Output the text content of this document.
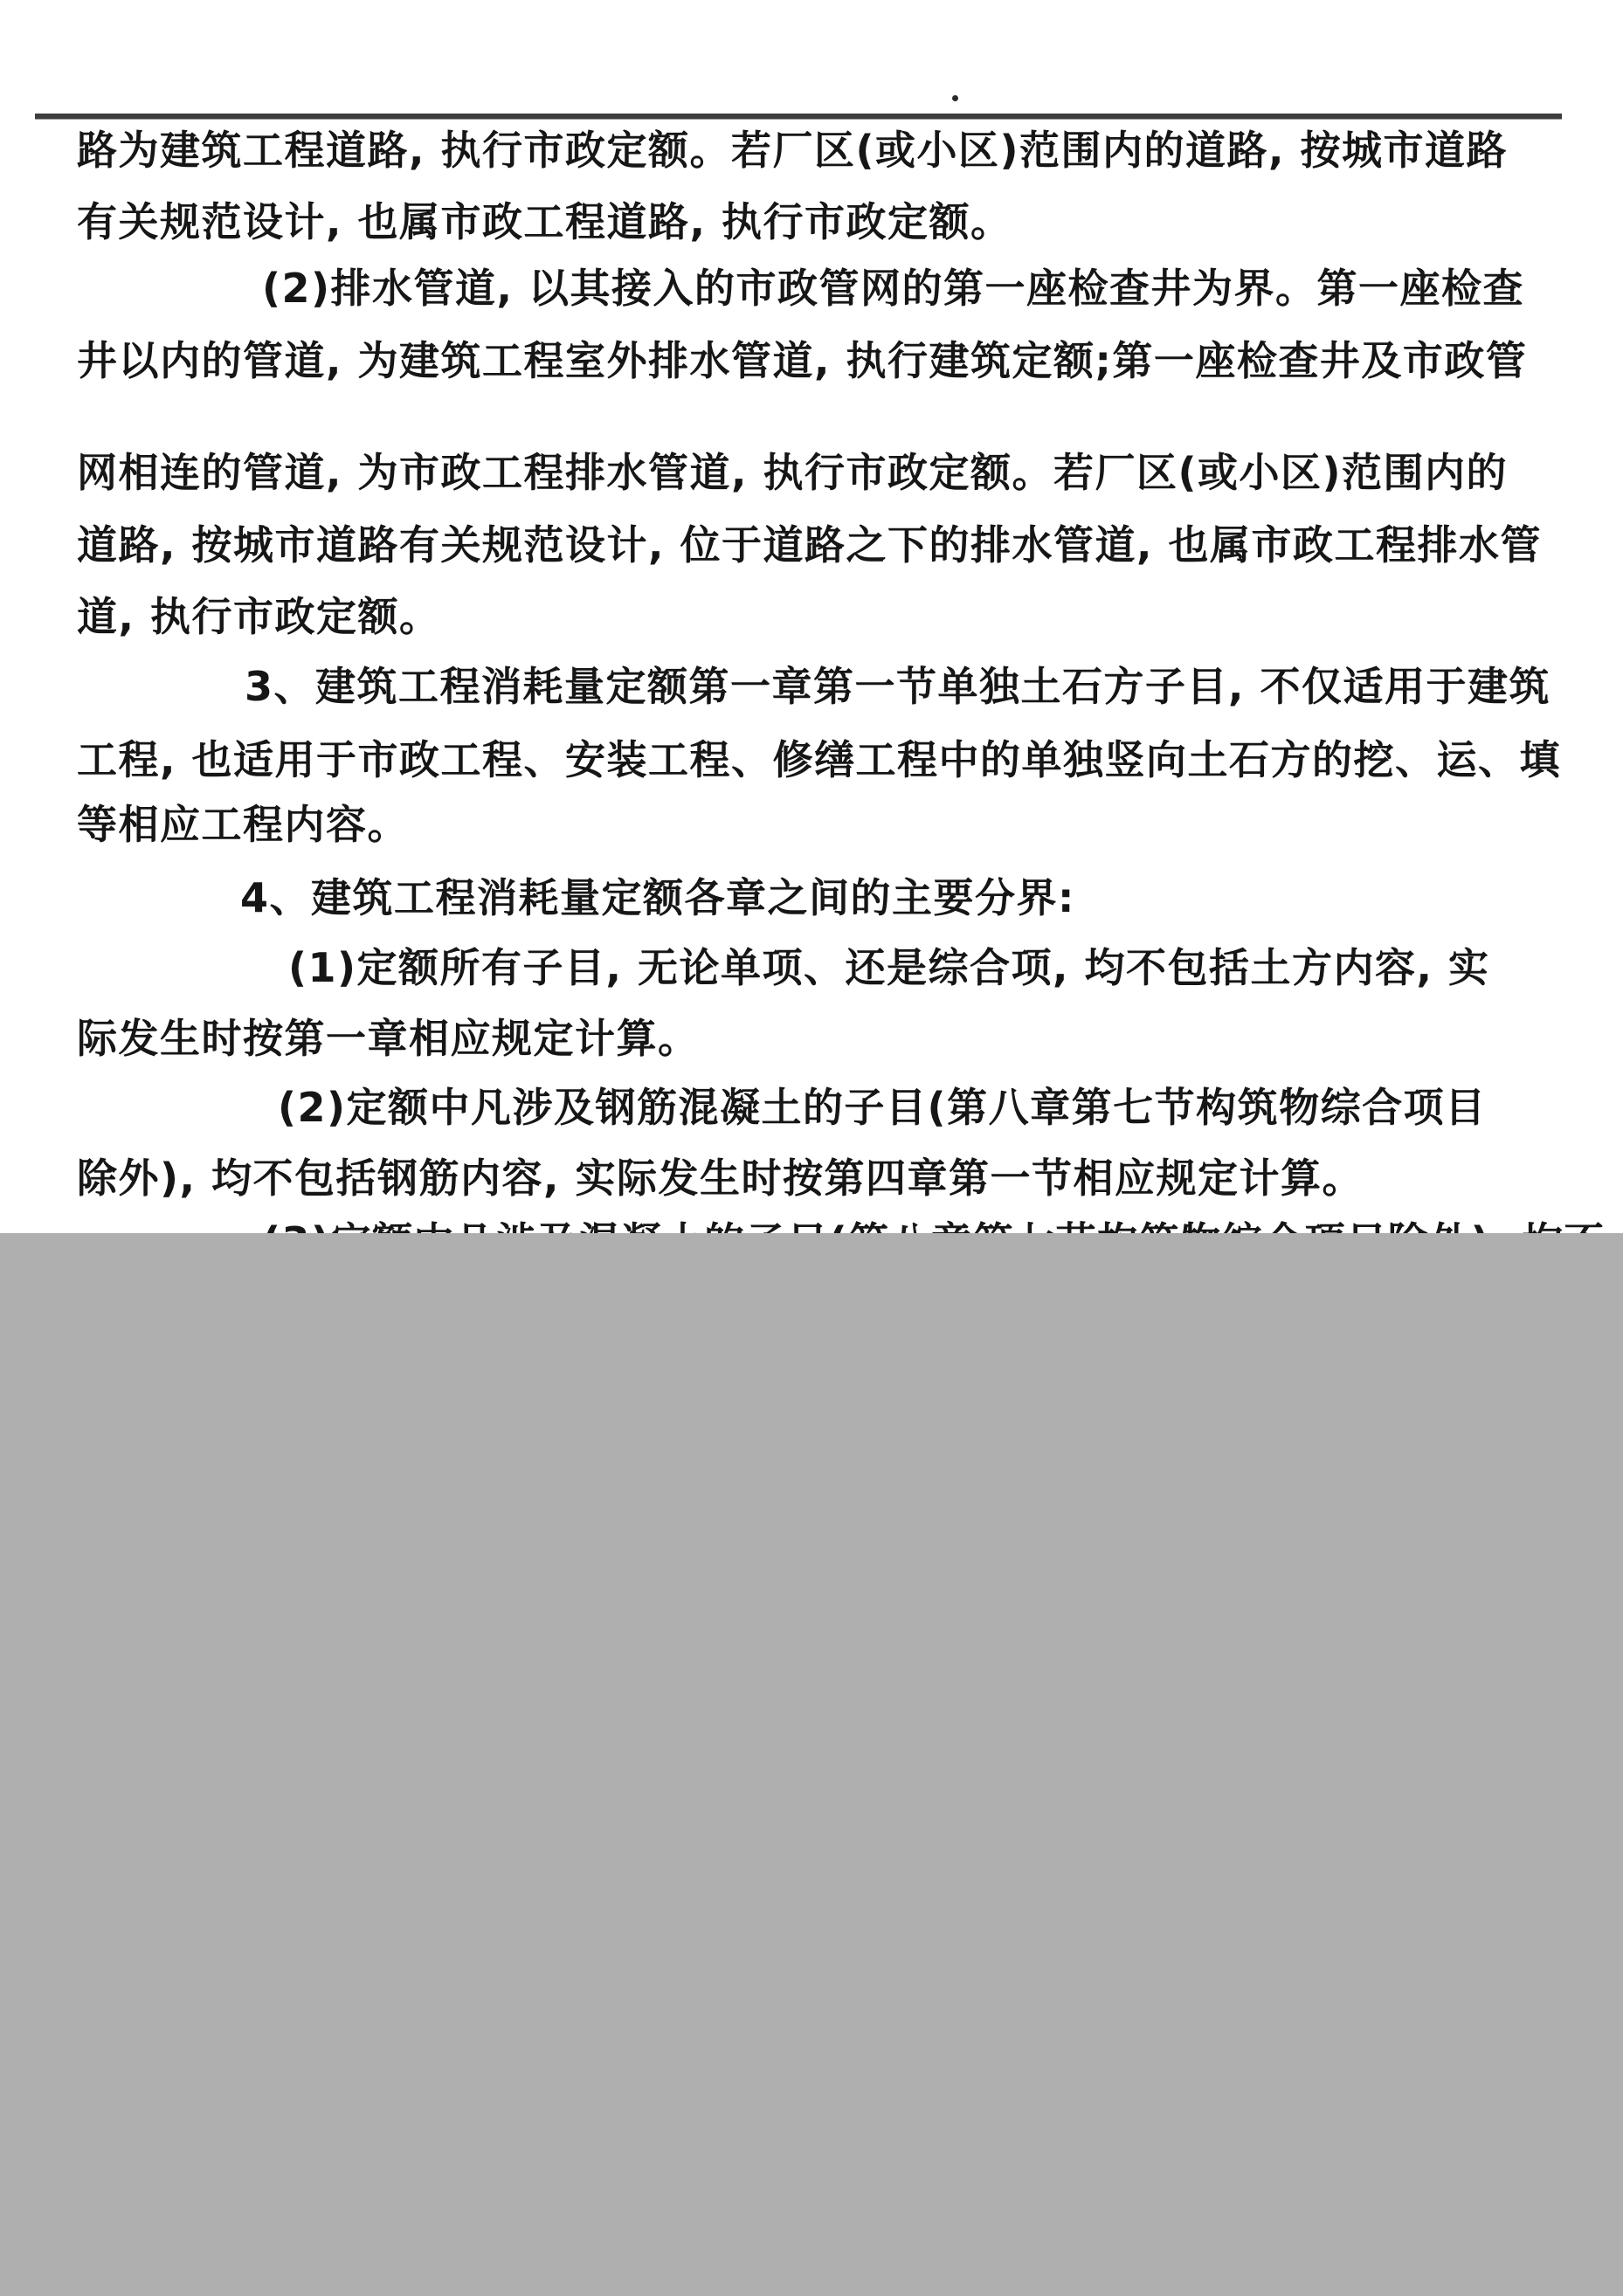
路为建筑工程道路, 执行市政定额。若厂区(或小区)范围内的道路, 按城市道路
有关规范设计, 也属市政工程道路, 执行市政定额。
(2)排水管道, 以其接入的市政管网的第一座检查井为界。第一座检查
井以内的管道, 为建筑工程室外排水管道, 执行建筑定额;第一座检查井及市政管
网相连的管道, 为市政工程排水管道, 执行市政定额。若厂区(或小区)范围内的
道路, 按城市道路有关规范设计, 位于道路之下的排水管道, 也属市政工程排水管
道, 执行市政定额。
3、建筑工程消耗量定额第一章第一节单独土石方子目, 不仅适用于建筑
工程, 也适用于市政工程、安装工程、修缮工程中的单独竖向土石方的挖、运、填
等相应工程内容。
4、建筑工程消耗量定额各章之间的主要分界:
(1)定额所有子目, 无论单项、还是综合项, 均不包括土方内容, 实
际发生时按第一章相应规定计算。
(2)定额中凡涉及钢筋混凝土的子目(第八章第七节构筑物综合项目
除外), 均不包括钢筋内容, 实际发生时按第四章第一节相应规定计算。
